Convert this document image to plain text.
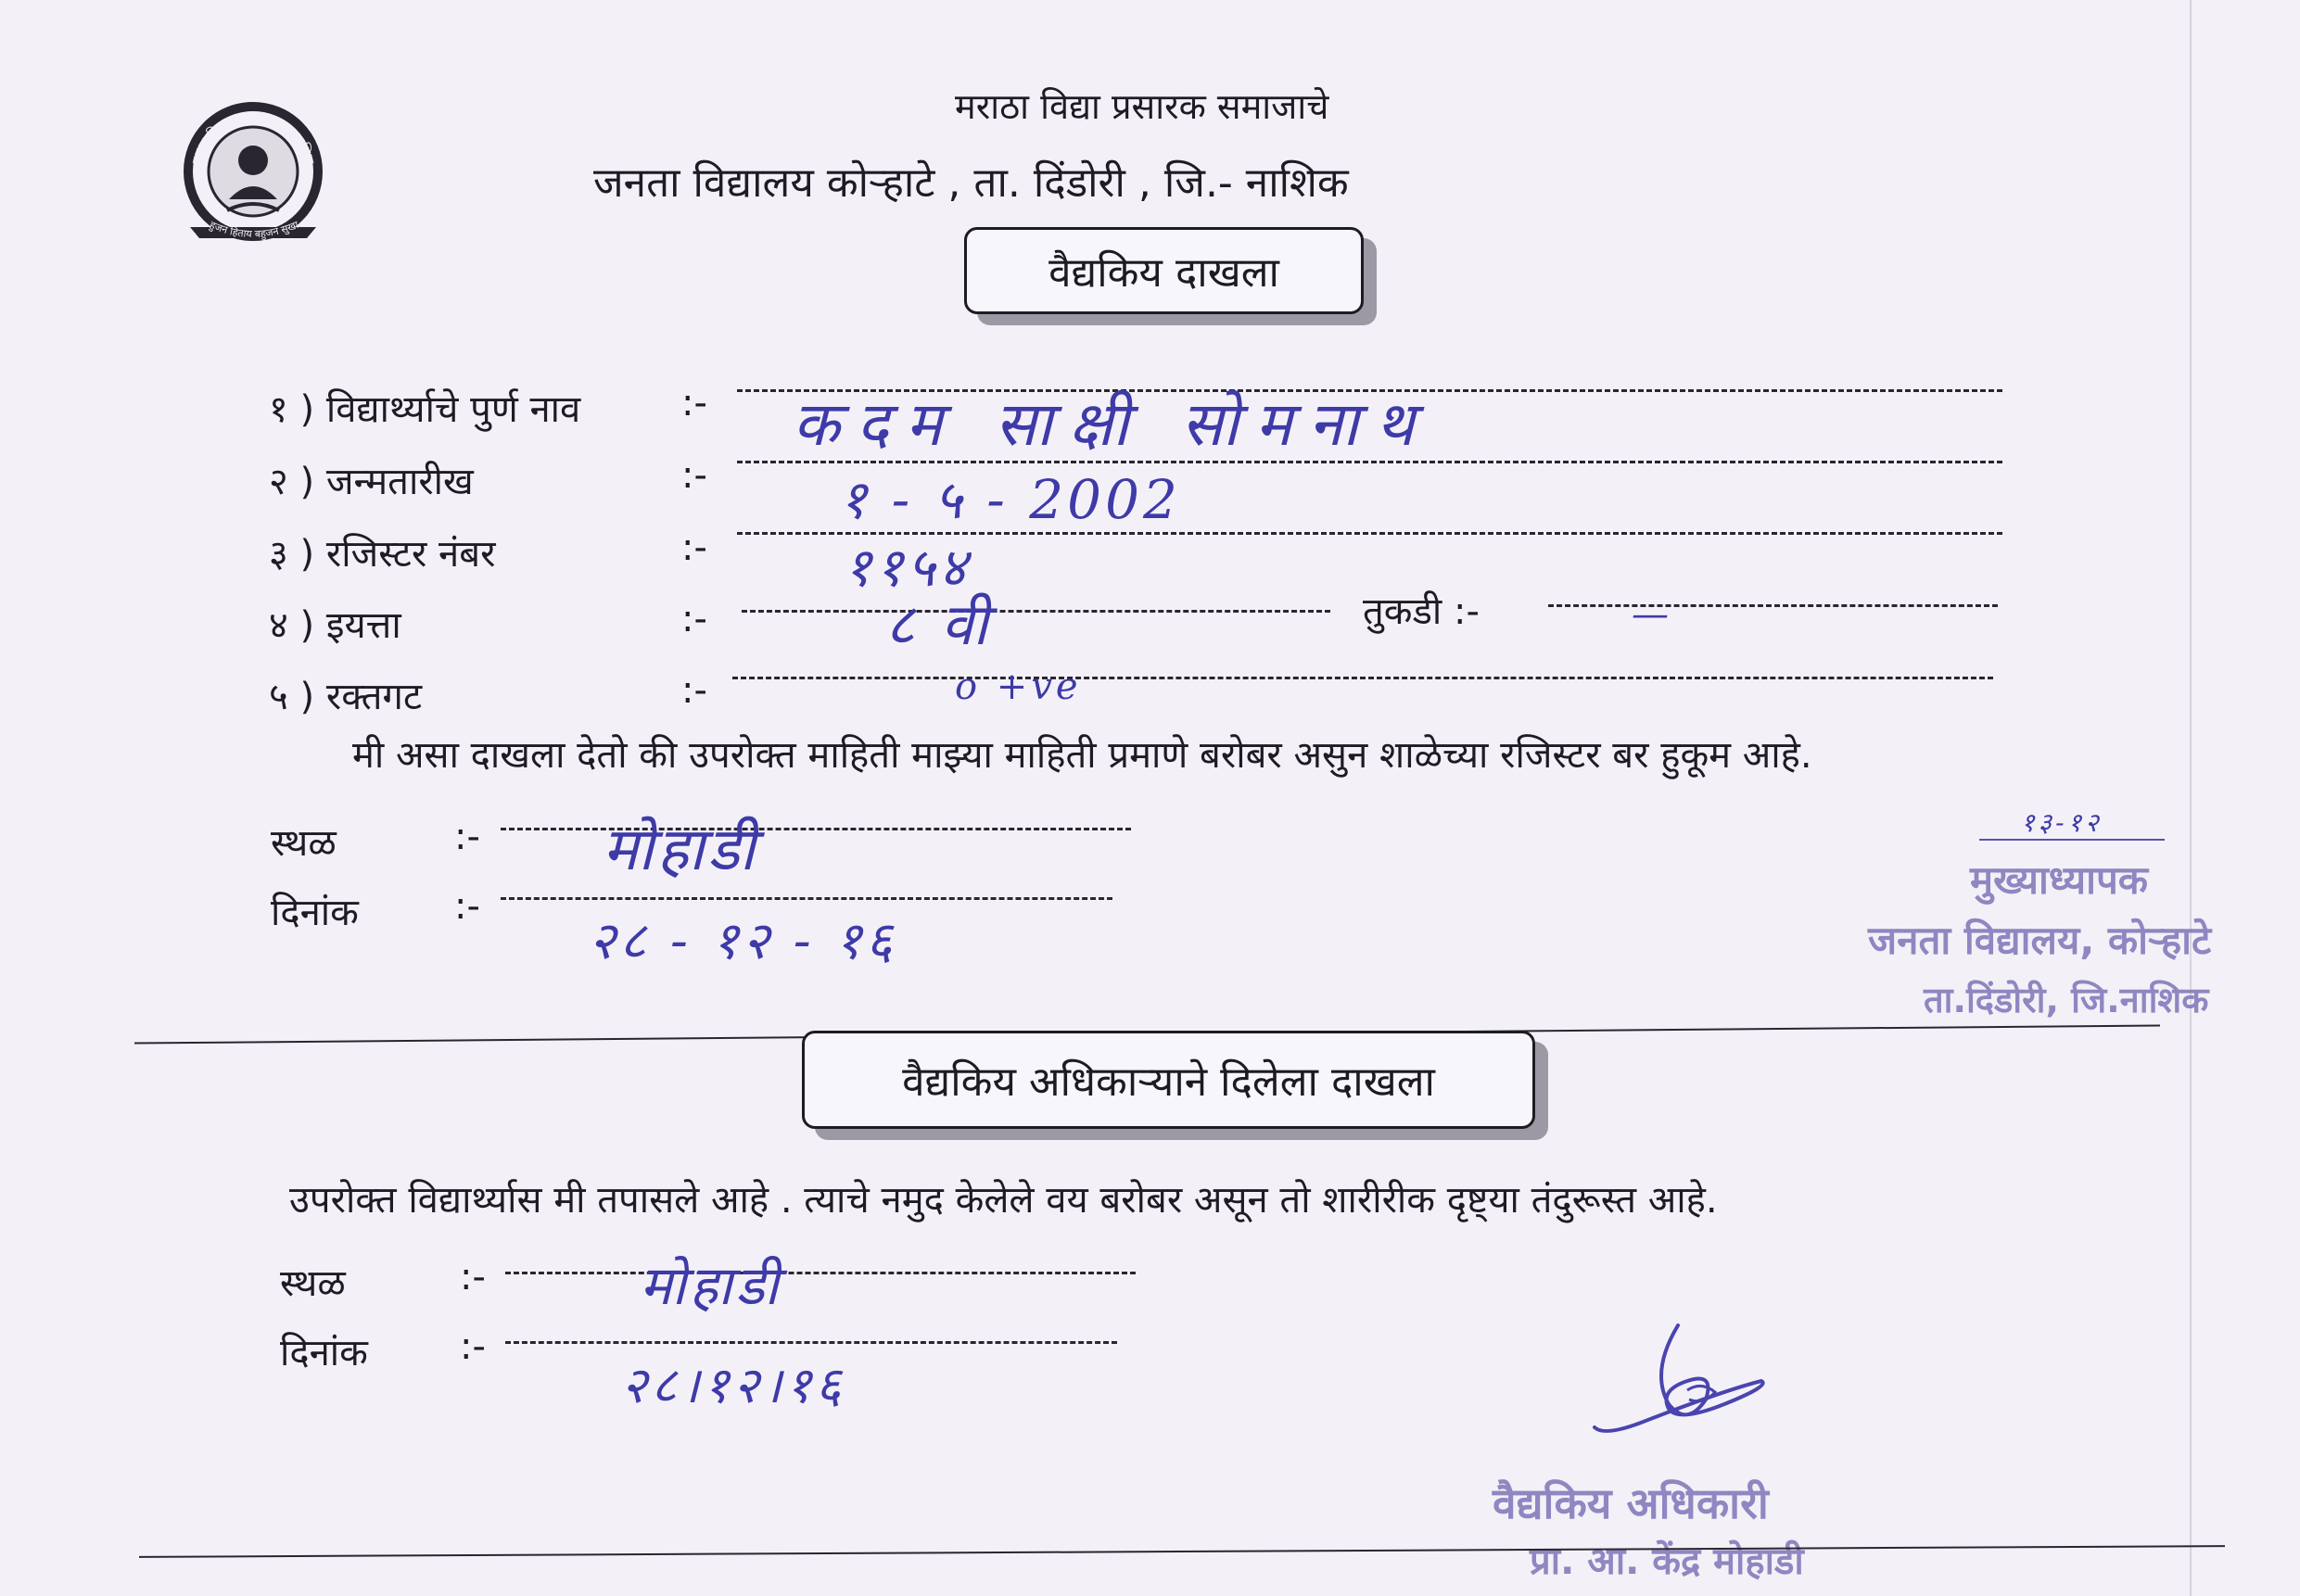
मराठा विद्या प्रसारक समाज नाशिक
हुजन हिताय बहुजन सुखा
मराठा विद्या प्रसारक समाजाचे
जनता विद्यालय कोऱ्हाटे , ता. दिंडोरी , जि.- नाशिक
वैद्यकिय दाखला
१ ) विद्यार्थ्याचे पुर्ण नाव	:- कदम साक्षी सोमनाथ
२ ) जन्मतारीख	:- १ - ५ - 2002
३ ) रजिस्टर नंबर	:-	११५४
४ ) इयत्ता	:-	८ वी	तुकडी :-	—
५ ) रक्तगट	:-	o +ve
मी असा दाखला देतो की उपरोक्त माहिती माझ्या माहिती प्रमाणे बरोबर असुन शाळेच्या रजिस्टर बर हुकूम आहे.
स्थळ	:- मोहाडी
दिनांक	:-
२८ - १२ - १६
१३-१२
मुख्याध्यापक
जनता विद्यालय, कोऱ्हाटे
ता.दिंडोरी, जि.नाशिक
वैद्यकिय अधिकाऱ्याने दिलेला दाखला
उपरोक्त विद्यार्थ्यास मी तपासले आहे . त्याचे नमुद केलेले वय बरोबर असून तो शारीरीक दृष्ट्या तंदुरूस्त आहे.
स्थळ	:-	मोहाडी
दिनांक :-
२८।१२।१६
वैद्यकिय अधिकारी
प्रा. आ. केंद्र मोहाडी
